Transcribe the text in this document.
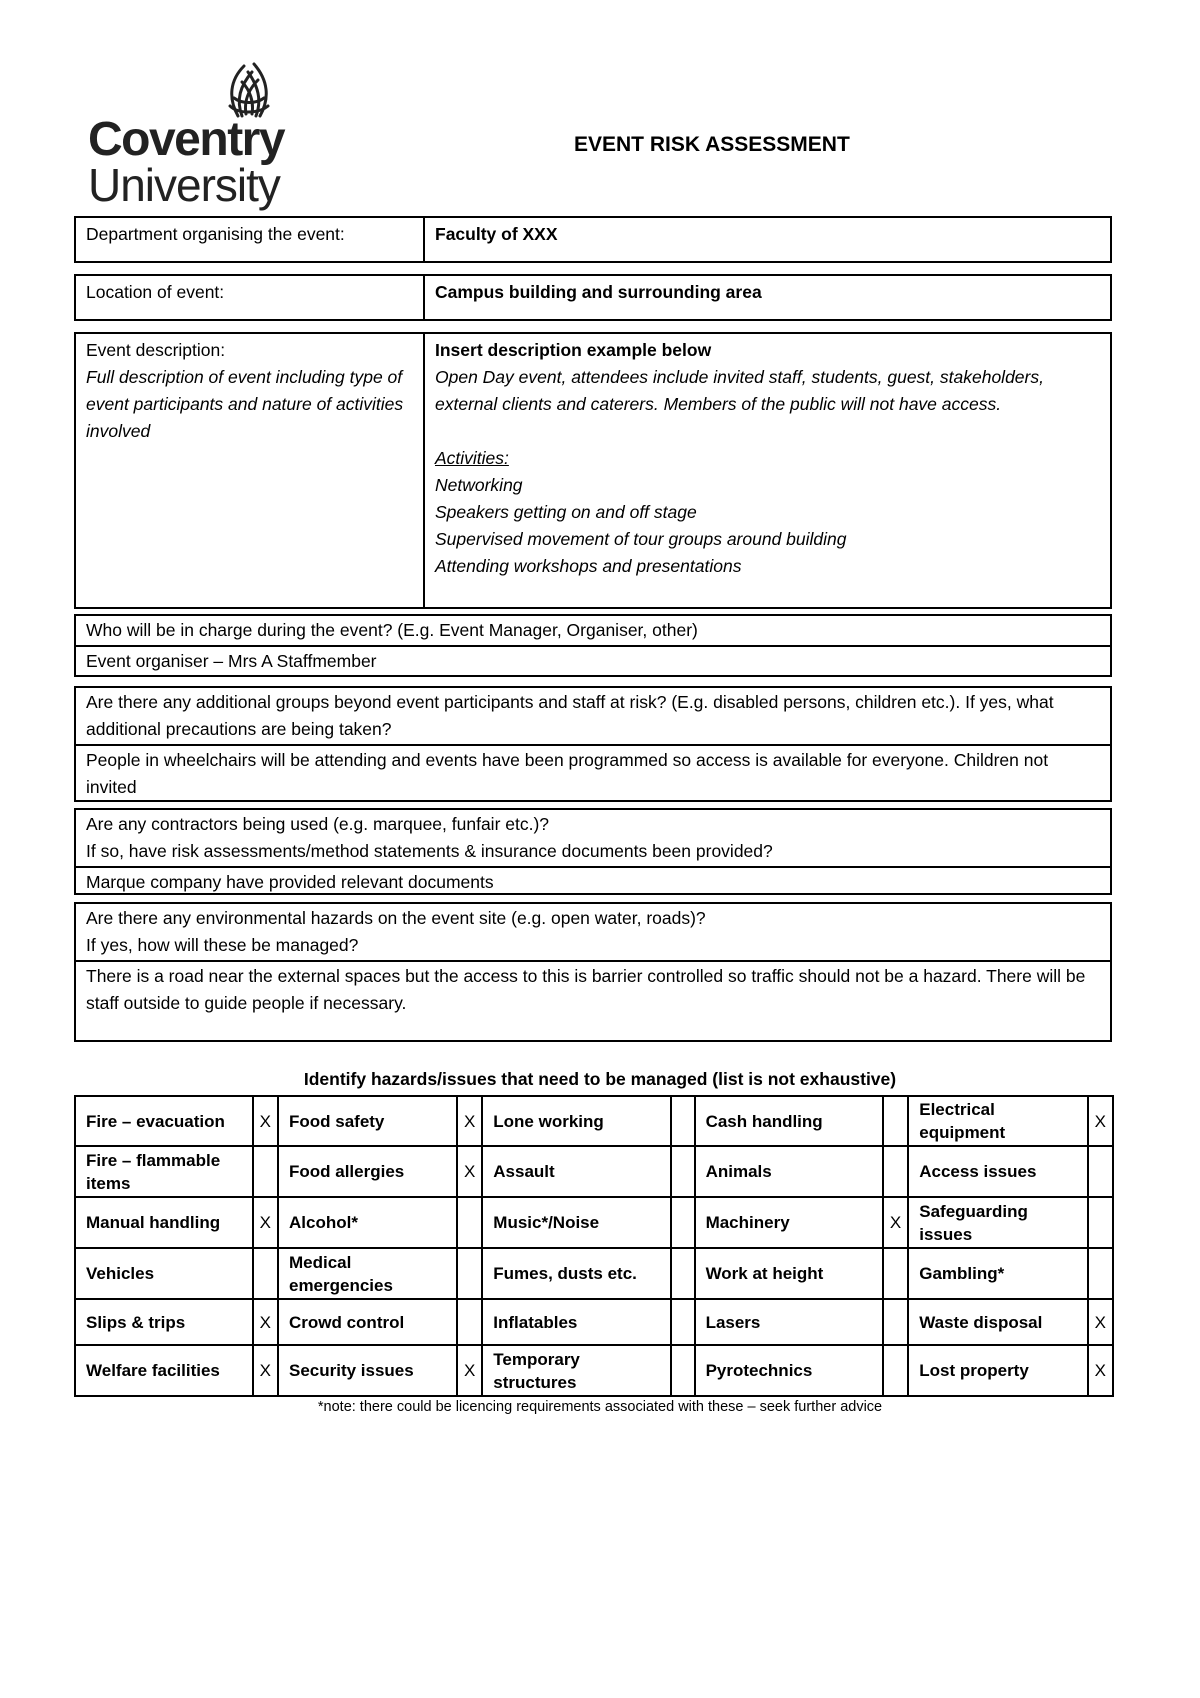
Coventry
University
EVENT RISK ASSESSMENT
Department organising the event:	Faculty of XXX
Location of event:	Campus building and surrounding area
Event description:
Full description of event including type of event participants and nature of activities involved
Insert description example below
Open Day event, attendees include invited staff, students, guest, stakeholders, external clients and caterers. Members of the public will not have access.
Activities:
Networking
Speakers getting on and off stage
Supervised movement of tour groups around building
Attending workshops and presentations
Who will be in charge during the event? (E.g. Event Manager, Organiser, other)
Event organiser – Mrs A Staffmember
Are there any additional groups beyond event participants and staff at risk? (E.g. disabled persons, children etc.). If yes, what additional precautions are being taken?
People in wheelchairs will be attending and events have been programmed so access is available for everyone. Children not invited
Are any contractors being used (e.g. marquee, funfair etc.)?
If so, have risk assessments/method statements & insurance documents been provided?
Marque company have provided relevant documents
Are there any environmental hazards on the event site (e.g. open water, roads)?
If yes, how will these be managed?
There is a road near the external spaces but the access to this is barrier controlled so traffic should not be a hazard. There will be staff outside to guide people if necessary.
Identify hazards/issues that need to be managed (list is not exhaustive)
Fire – evacuation	X	Food safety	X	Lone working		Cash handling		Electrical equipment	X
Fire – flammable items		Food allergies	X	Assault		Animals		Access issues	
Manual handling	X	Alcohol*		Music*/Noise		Machinery	X	Safeguarding issues	
Vehicles		Medical emergencies		Fumes, dusts etc.		Work at height		Gambling*	
Slips & trips	X	Crowd control		Inflatables		Lasers		Waste disposal	X
Welfare facilities	X	Security issues	X	Temporary structures		Pyrotechnics		Lost property	X
*note: there could be licencing requirements associated with these – seek further advice
